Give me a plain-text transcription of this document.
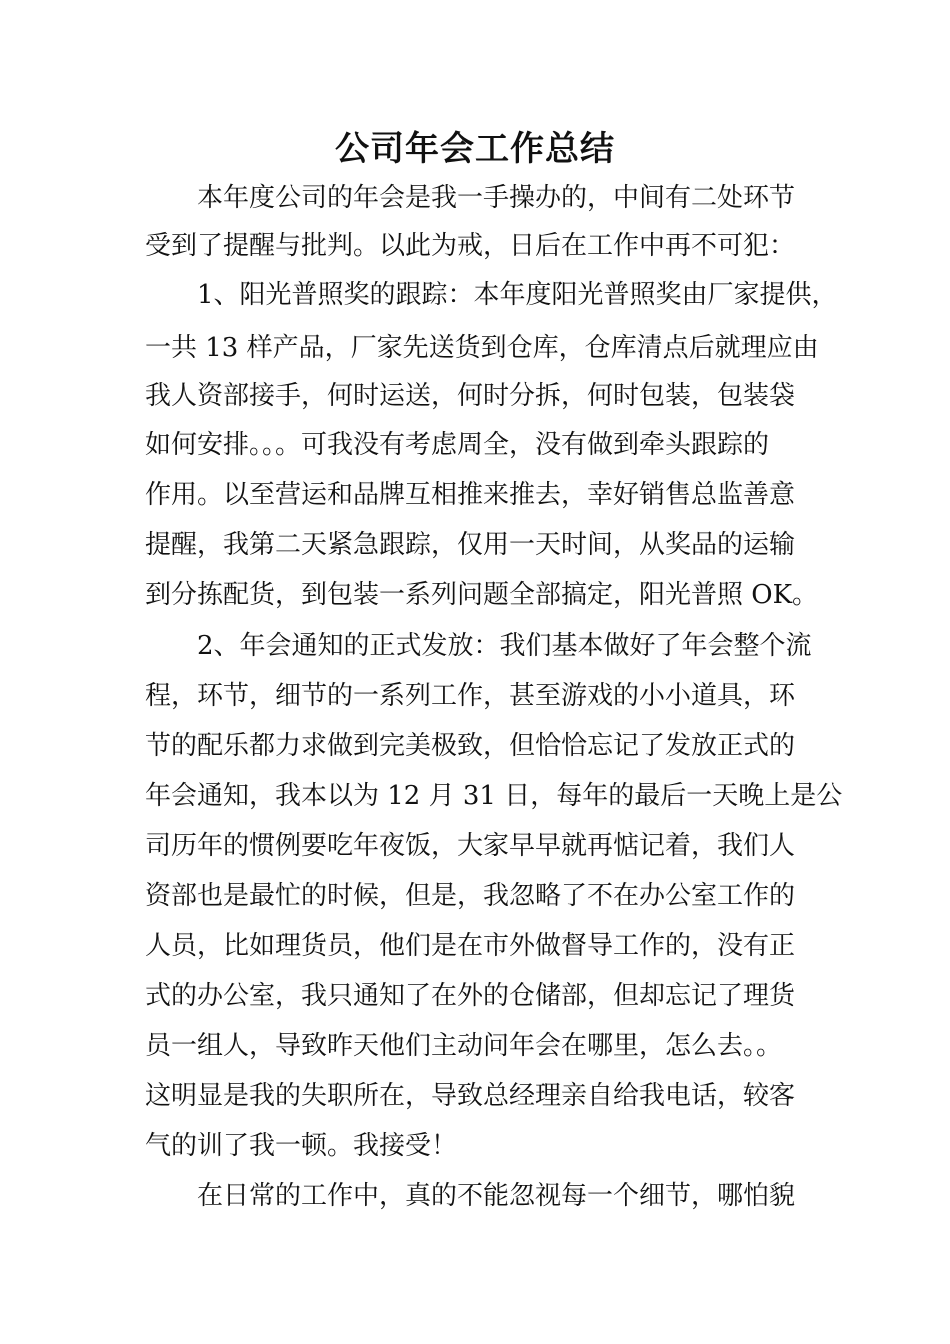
公司年会工作总结
本年度公司的年会是我一手操办的，中间有二处环节
受到了提醒与批判。以此为戒，日后在工作中再不可犯：
1、阳光普照奖的跟踪：本年度阳光普照奖由厂家提供，
一共 13 样产品，厂家先送货到仓库，仓库清点后就理应由
我人资部接手，何时运送，何时分拆，何时包装，包装袋
如何安排。。。可我没有考虑周全，没有做到牵头跟踪的
作用。以至营运和品牌互相推来推去，幸好销售总监善意
提醒，我第二天紧急跟踪，仅用一天时间，从奖品的运输
到分拣配货，到包装一系列问题全部搞定，阳光普照 OK。
2、年会通知的正式发放：我们基本做好了年会整个流
程，环节，细节的一系列工作，甚至游戏的小小道具，环
节的配乐都力求做到完美极致，但恰恰忘记了发放正式的
年会通知，我本以为 12 月 31 日，每年的最后一天晚上是公
司历年的惯例要吃年夜饭，大家早早就再惦记着，我们人
资部也是最忙的时候，但是，我忽略了不在办公室工作的
人员，比如理货员，他们是在市外做督导工作的，没有正
式的办公室，我只通知了在外的仓储部，但却忘记了理货
员一组人，导致昨天他们主动问年会在哪里，怎么去。。
这明显是我的失职所在，导致总经理亲自给我电话，较客
气的训了我一顿。我接受！
在日常的工作中，真的不能忽视每一个细节，哪怕貌
